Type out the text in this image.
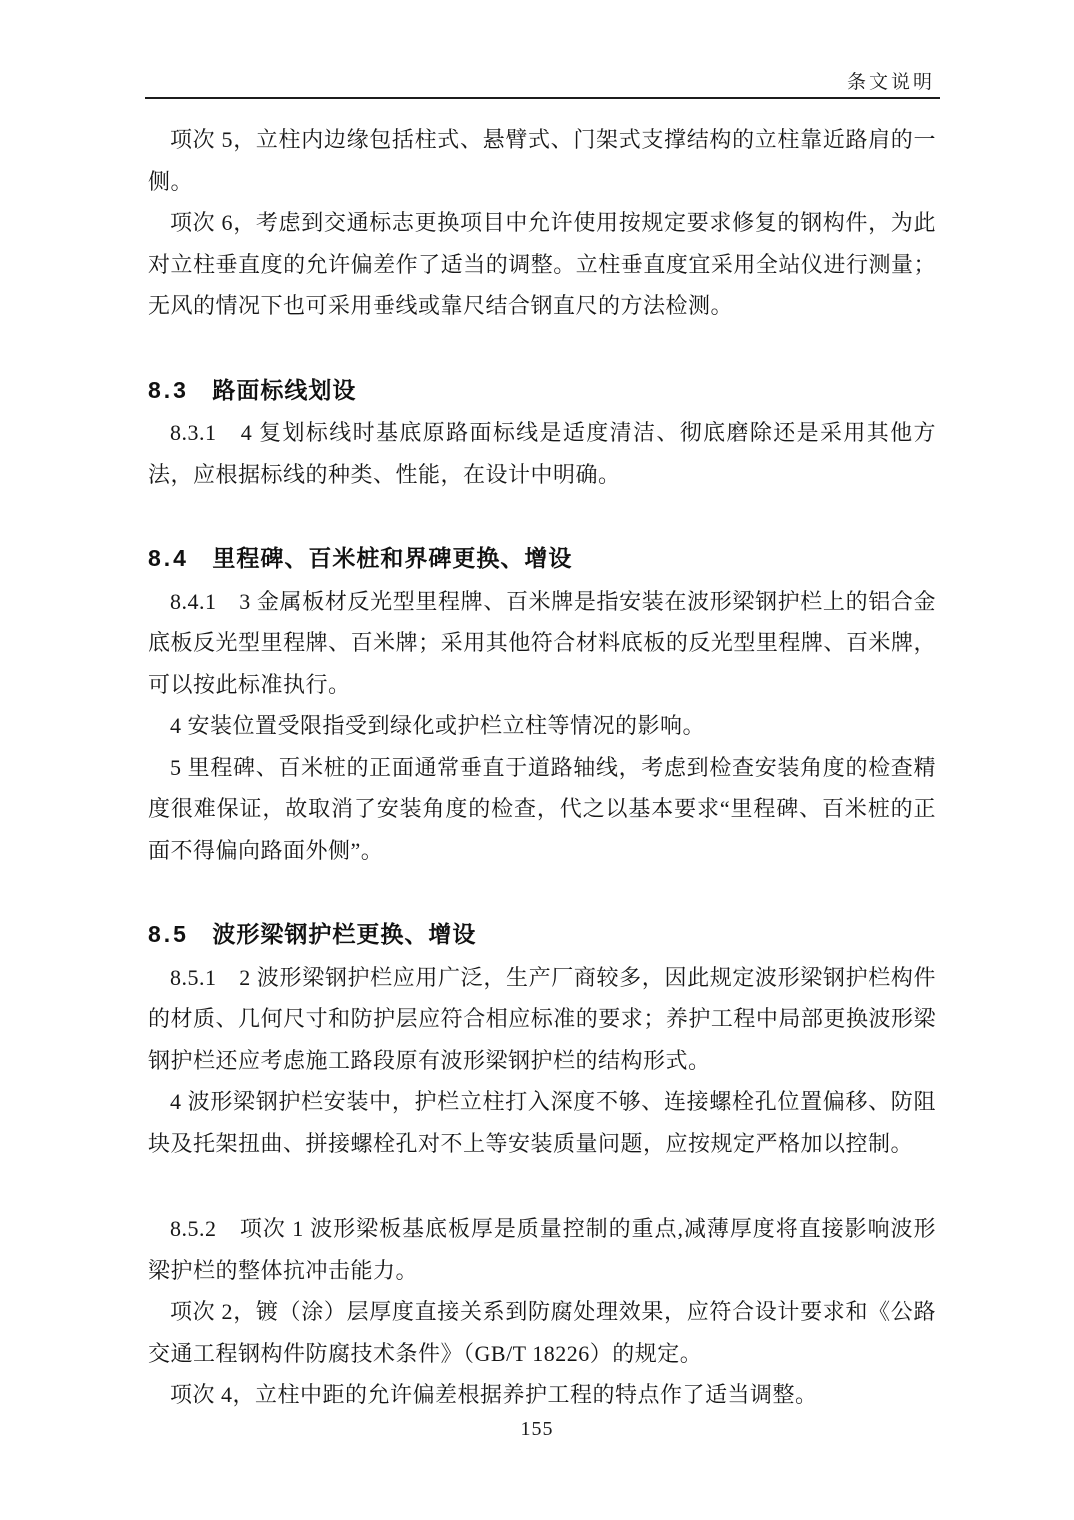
条文说明

项次 5，立柱内边缘包括柱式、悬臂式、门架式支撑结构的立柱靠近路肩的一侧。

项次 6，考虑到交通标志更换项目中允许使用按规定要求修复的钢构件，为此对立柱垂直度的允许偏差作了适当的调整。立柱垂直度宜采用全站仪进行测量；无风的情况下也可采用垂线或靠尺结合钢直尺的方法检测。

8.3 路面标线划设

8.3.1　4 复划标线时基底原路面标线是适度清洁、彻底磨除还是采用其他方法，应根据标线的种类、性能，在设计中明确。

8.4 里程碑、百米桩和界碑更换、增设

8.4.1　3 金属板材反光型里程牌、百米牌是指安装在波形梁钢护栏上的铝合金底板反光型里程牌、百米牌；采用其他符合材料底板的反光型里程牌、百米牌，可以按此标准执行。

4 安装位置受限指受到绿化或护栏立柱等情况的影响。

5 里程碑、百米桩的正面通常垂直于道路轴线，考虑到检查安装角度的检查精度很难保证，故取消了安装角度的检查，代之以基本要求“里程碑、百米桩的正面不得偏向路面外侧”。

8.5 波形梁钢护栏更换、增设

8.5.1　2 波形梁钢护栏应用广泛，生产厂商较多，因此规定波形梁钢护栏构件的材质、几何尺寸和防护层应符合相应标准的要求；养护工程中局部更换波形梁钢护栏还应考虑施工路段原有波形梁钢护栏的结构形式。

4 波形梁钢护栏安装中，护栏立柱打入深度不够、连接螺栓孔位置偏移、防阻块及托架扭曲、拼接螺栓孔对不上等安装质量问题，应按规定严格加以控制。

8.5.2　项次 1 波形梁板基底板厚是质量控制的重点,减薄厚度将直接影响波形梁护栏的整体抗冲击能力。

项次 2，镀（涂）层厚度直接关系到防腐处理效果，应符合设计要求和《公路交通工程钢构件防腐技术条件》（GB/T 18226）的规定。

项次 4，立柱中距的允许偏差根据养护工程的特点作了适当调整。

155
